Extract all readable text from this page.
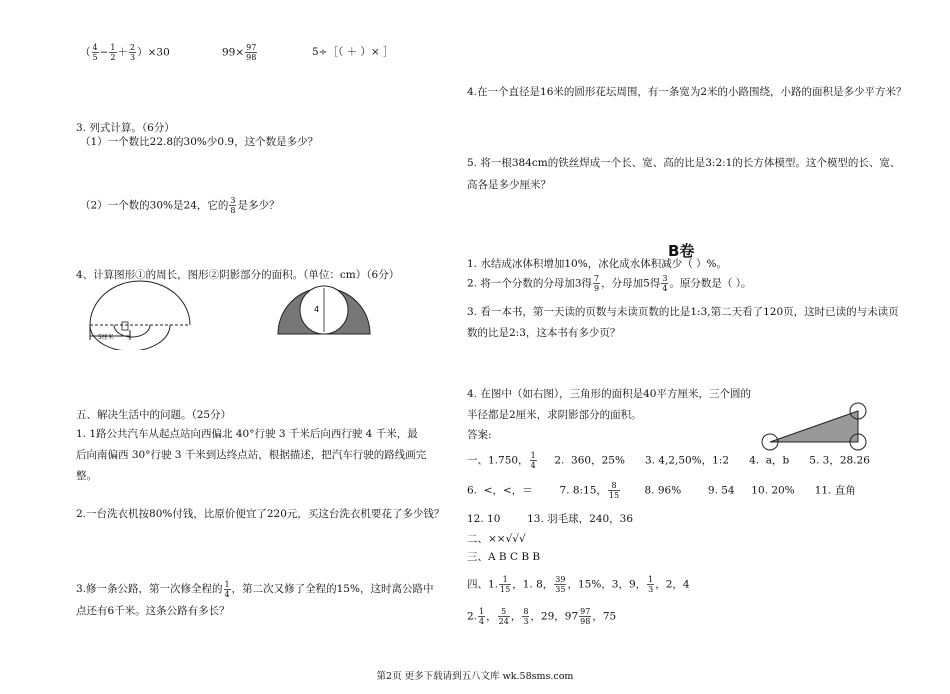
（ $\frac{4}{5} - \frac{1}{2} + \frac{2}{3} )\times 30$	$99\times \frac{97}{98}$	5÷［（ ＋ ）× ］
3. 列式计算。（6分）
（1）一个数比22.8的30%少0.9，这个数是多少？
（2）一个数的30%是24，它的 $\frac{3}{8}$ 是多少？
4、计算图形①的周长，图形②阴影部分的面积。（单位：cm）（6分）
5厘米
4
五、解决生活中的问题。（25分）
1. 1路公共汽车从起点站向西偏北 40°行驶 3 千米后向西行驶 4 千米，最后向南偏西 30°行驶 3 千米到达终点站，根据描述，把汽车行驶的路线画完整。
2.一台洗衣机按80%付钱，比原价便宜了220元，买这台洗衣机要花了多少钱？
3.修一条公路，第一次修全程的 $\frac{1}{4}$ ，第二次又修了全程的15%，这时离公路中点还有6千米。这条公路有多长？
4.在一个直径是16米的圆形花坛周围，有一条宽为2米的小路围绕，小路的面积是多少平方米？
5. 将一根384cm的铁丝焊成一个长、宽、高的比是3:2:1的长方体模型。这个模型的长、宽、高各是多少厘米？
B卷
1. 水结成冰体积增加10%，冰化成水体积减少（ ）%。
2. 将一个分数的分母加3得 $\frac{7}{9}$ ，分母加5得 $\frac{3}{4}$ 。原分数是（ ）。
3. 看一本书，第一天读的页数与未读页数的比是1:3,第二天看了120页，这时已读的与未读页数的比是2:3，这本书有多少页？
4. 在图中（如右图），三角形的面积是40平方厘米，三个圆的半径都是2厘米，求阴影部分的面积。
答案:
一、1.750， $\frac{1}{4} 2$.  360，25%      3. 4,2,50%，1:2      4.  a，b      5. 3，28.26
6.  <，<，＝        7. 8:15， $\frac{8}{15} 8$. 96%        9. 54     10. 20%      11. 直角
12. 10        13. 羽毛球，240，36
二、××√√√
三、A B C B B
四、1. $\frac{1}{15}$ ，1. 8， $\frac{39}{35}$ ，15%，3，9， $\frac{1}{3}$ ，2，4
2. $\frac{1}{4}$ ， $\frac{5}{24}$ ， $\frac{8}{3}$ ，29，$97 \frac{97}{98}$ ，75
第2页 更多下载请到五八文库 wk.58sms.com
